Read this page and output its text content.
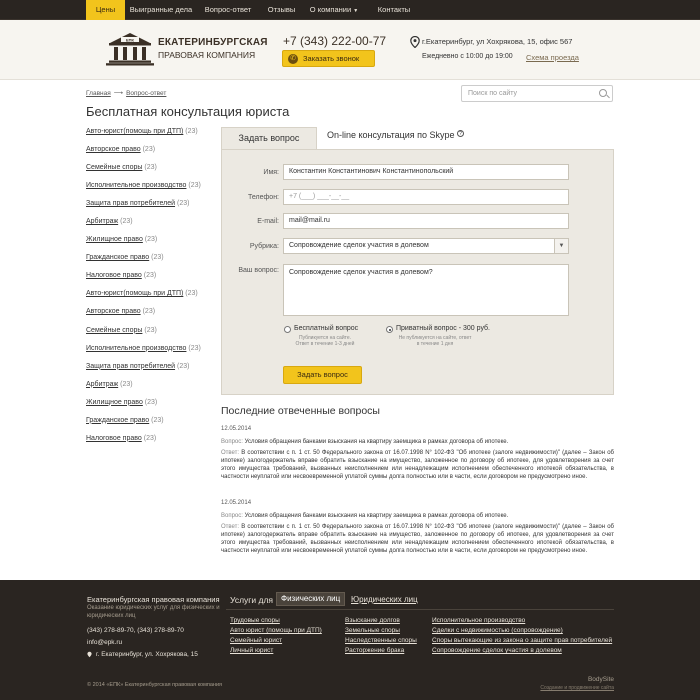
Цены	Выигранные дела	Вопрос-ответ	Отзывы	О компании ▼	Контакты
ЕПК ЕКАТЕРИНБУРГСКАЯ
ПРАВОВАЯ КОМПАНИЯ
+7 (343) 222-00-77
✆ Заказать звонок
г.Екатеринбург, ул Хохрякова, 15, офис 567
Ежедневно с 10:00 до 19:00 Схема проезда
Главная ⟶ Вопрос-ответ	Поиск по сайту
Бесплатная консультация юриста
Авто-юрист(помощь при ДТП) (23)
Авторское право (23)
Семейные споры (23)
Исполнительное производство (23)
Защита прав потребителей (23)
Арбитраж (23)
Жилищное право (23)
Гражданское право (23)
Налоговое право (23)
Авто-юрист(помощь при ДТП) (23)
Авторское право (23)
Семейные споры (23)
Исполнительное производство (23)
Защита прав потребителей (23)
Арбитраж (23)
Жилищное право (23)
Гражданское право (23)
Налоговое право (23)
Задать вопрос	On-line консультация по Skype ?
Имя:	Константин Константинович Константинопольский
Телефон:	+7 (___) ___-__-__
E-mail:	mail@mail.ru
Рубрика:	Сопровождение сделок участия в долевом	▼
Ваш вопрос:	Сопровождение сделок участия в долевом?
Бесплатный вопрос
Публикуется на сайте.
Ответ в течение 1-3 дней
Приватный вопрос - 300 руб.
Не публикуется на сайте, ответ
в течение 1 дня
Задать вопрос
Последние отвеченные вопросы
12.05.2014
Вопрос: Условия обращения банками взыскания на квартиру заемщика в рамках договора об ипотеке.
Ответ: В соответствии с п. 1 ст. 50 Федерального закона от 16.07.1998 N° 102-ФЗ "Об ипотеке (залоге недвижимости)" (далее – Закон об ипотеке) залогодержатель вправе обратить взыскание на имущество, заложенное по договору об ипотеке, для удовлетворения за счет этого имущества требований, вызванных неисполнением или ненадлежащим исполнением обеспеченного ипотекой обязательства, в частности неуплатой или несвоевременной уплатой суммы долга полностью или в части, если договором не предусмотрено иное.
12.05.2014
Вопрос: Условия обращения банками взыскания на квартиру заемщика в рамках договора об ипотеке.
Ответ: В соответствии с п. 1 ст. 50 Федерального закона от 16.07.1998 N° 102-ФЗ "Об ипотеке (залоге недвижимости)" (далее – Закон об ипотеке) залогодержатель вправе обратить взыскание на имущество, заложенное по договору об ипотеке, для удовлетворения за счет этого имущества требований, вызванных неисполнением или ненадлежащим исполнением обеспеченного ипотекой обязательства, в частности неуплатой или несвоевременной уплатой суммы долга полностью или в части, если договором не предусмотрено иное.
Екатеринбургская правовая компания
Оказание юридических услуг для физических и юридических лиц
(343) 278-89-70, (343) 278-89-70
info@epk.ru
г. Екатеринбург, ул. Хохрякова, 15
Услуги для Физических лиц	Юридических лиц
Трудовые споры
Авто юрист (помощь при ДТП)
Семейный юрист
Личный юрист
Взыскание долгов
Земельные споры
Наследственные споры
Расторжение брака
Исполнительное производство
Сделки с недвижимостью (сопровождение)
Споры вытекающие из закона о защите прав потребителей
Сопровождение сделок участия в долевом
© 2014 «ЕПК» Екатеринбургская правовая компания
BodySite
Создание и продвижение сайта
